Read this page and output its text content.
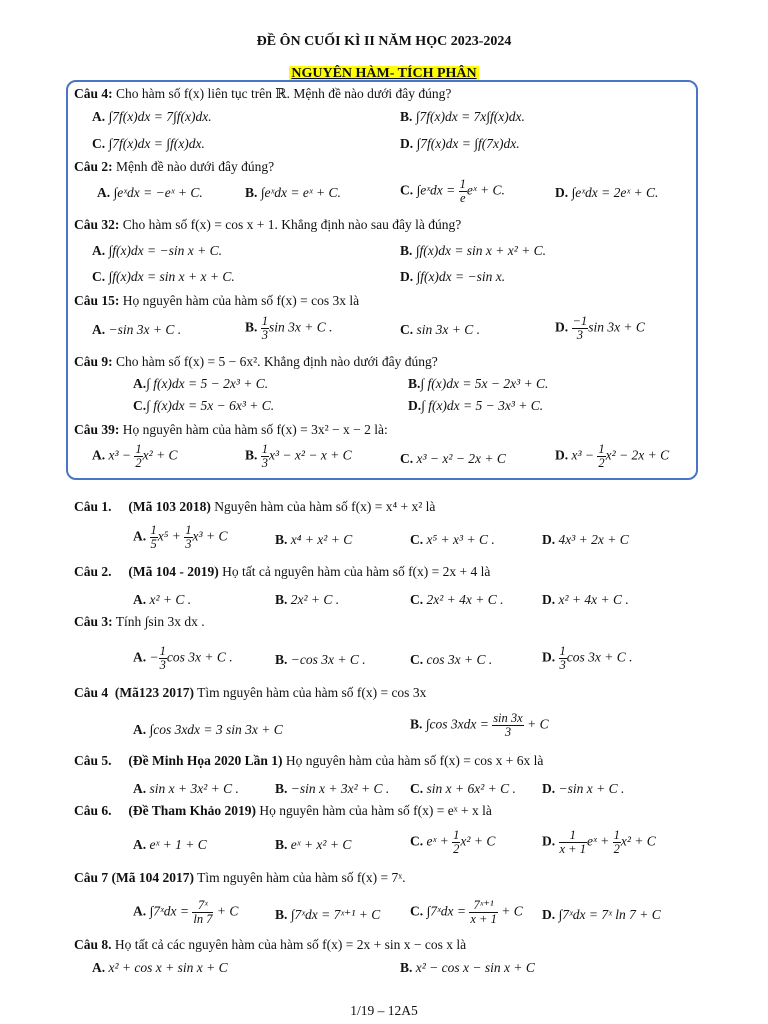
ĐỀ ÔN CUỐI KÌ II NĂM HỌC 2023-2024
NGUYÊN HÀM- TÍCH PHÂN
Câu 4: Cho hàm số f(x) liên tục trên ℝ. Mệnh đề nào dưới đây đúng?
A. ∫7f(x)dx = 7∫f(x)dx.	B. ∫7f(x)dx = 7x∫f(x)dx.
C. ∫7f(x)dx = ∫f(x)dx.	D. ∫7f(x)dx = ∫f(7x)dx.
Câu 2: Mệnh đề nào dưới đây đúng?
A. ∫eˣdx = −eˣ + C.	B. ∫eˣdx = eˣ + C.	C. ∫eˣdx = $\frac{1}{e}$ eˣ + C.	D. ∫eˣdx = 2eˣ + C.
Câu 32: Cho hàm số f(x) = cos x + 1. Khẳng định nào sau đây là đúng?
A. ∫f(x)dx = −sin x + C.	B. ∫f(x)dx = sin x + x² + C.
C. ∫f(x)dx = sin x + x + C.	D. ∫f(x)dx = −sin x.
Câu 15: Họ nguyên hàm của hàm số f(x) = cos 3x là
A. −sin 3x + C .	B. $\frac{1}{3}$ sin 3x + C .	C. sin 3x + C .	D. $\frac{-1}{3}$ sin 3x + C
Câu 9: Cho hàm số f(x) = 5 − 6x². Khẳng định nào dưới đây đúng?
A.∫ f(x)dx = 5 − 2x³ + C.	B.∫ f(x)dx = 5x − 2x³ + C.
C.∫ f(x)dx = 5x − 6x³ + C.	D.∫ f(x)dx = 5 − 3x³ + C.
Câu 39: Họ nguyên hàm của hàm số f(x) = 3x² − x − 2 là:
A. $x^3 - \frac{1}{2} x^2 + C$	B. $\frac{1}{3} x^3 - x^2 - x + C$	C. x³ − x² − 2x + C	D. $x^3 - \frac{1}{2} x^2 - 2x + C$
Câu 1. (Mã 103 2018) Nguyên hàm của hàm số f(x) = x⁴ + x² là
A. $\frac{1}{5} x^5 + \frac{1}{3} x^3 + C$	B. x⁴ + x² + C	C. x⁵ + x³ + C .	D. 4x³ + 2x + C
Câu 2. (Mã 104 - 2019) Họ tất cả nguyên hàm của hàm số f(x) = 2x + 4 là
A. x² + C .	B. 2x² + C .	C. 2x² + 4x + C .	D. x² + 4x + C .
Câu 3: Tính ∫sin 3x dx .
A. − $\frac{1}{3}$ cos 3x + C .	B. −cos 3x + C .	C. cos 3x + C .	D. $\frac{1}{3}$ cos 3x + C .
Câu 4 (Mã123 2017) Tìm nguyên hàm của hàm số f(x) = cos 3x
A. ∫cos 3xdx = 3 sin 3x + C	B. ∫cos $3xdx = \frac{\sin 3x}{3} + C$
Câu 5. (Đề Minh Họa 2020 Lần 1) Họ nguyên hàm của hàm số f(x) = cos x + 6x là
A. sin x + 3x² + C .	B. −sin x + 3x² + C . C. sin x + 6x² + C . D. −sin x + C .
Câu 6. (Đề Tham Khảo 2019) Họ nguyên hàm của hàm số f(x) = eˣ + x là
A. eˣ + 1 + C	B. eˣ + x² + C	C. eˣ + $\frac{1}{2} x^2 + C$	D. $\frac{1}{x + 1}$ eˣ + $\frac{1}{2} x^2 + C$
Câu 7 (Mã 104 2017) Tìm nguyên hàm của hàm số f(x) = 7ˣ.
A. ∫7ˣdx = $\frac{\text{7ˣ}}{\ln 7} + C$	B. ∫7ˣdx = 7ˣ⁺¹ + C C. ∫7ˣdx = $\frac{\text{7ˣ⁺¹}}{x + 1} + C$ D. ∫7ˣdx = 7ˣ ln 7 + C
Câu 8. Họ tất cả các nguyên hàm của hàm số f(x) = 2x + sin x − cos x là
A. x² + cos x + sin x + C	B. x² − cos x − sin x + C
1/19 – 12A5
